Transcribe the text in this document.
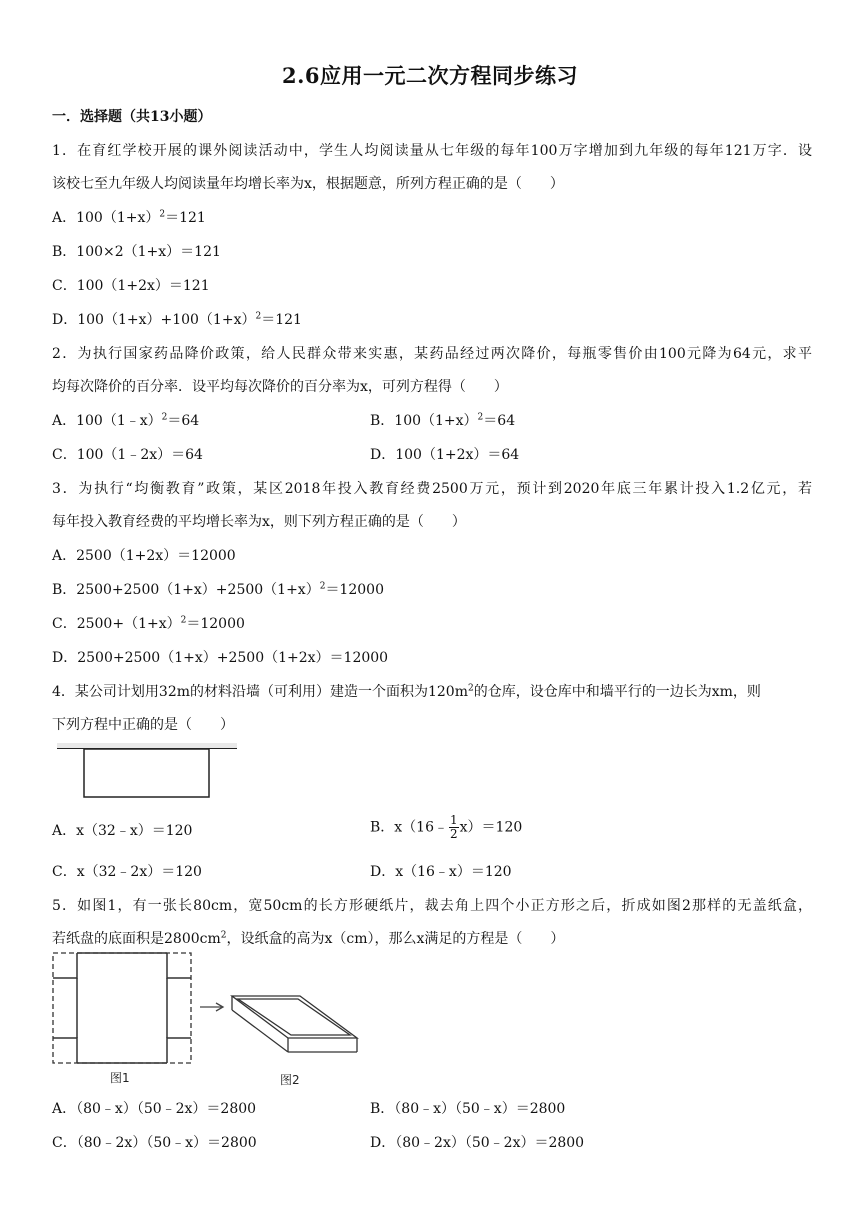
2.6应用一元二次方程同步练习
一．选择题（共13小题）
1．在育红学校开展的课外阅读活动中，学生人均阅读量从七年级的每年100万字增加到九年级的每年121万字．设
该校七至九年级人均阅读量年均增长率为x，根据题意，所列方程正确的是（　　）
A．$100(1+x)^2=121$
B．100×2（1+x）＝121
C．100（1+2x）＝121
D．$100(1+x)+100(1+x)^2=121$
2．为执行国家药品降价政策，给人民群众带来实惠，某药品经过两次降价，每瓶零售价由100元降为64元，求平
均每次降价的百分率．设平均每次降价的百分率为x，可列方程得（　　）
A．100（1﹣x）$^2$＝64	B．$100(1+x)^2=64$
C．100（1﹣2x）＝64	D．100（1+2x）＝64
3．为执行“均衡教育”政策，某区2018年投入教育经费2500万元，预计到2020年底三年累计投入1.2亿元，若
每年投入教育经费的平均增长率为x，则下列方程正确的是（　　）
A．2500（1+2x）＝12000
B．$2500+2500(1+x)+2500(1+x)^2=12000$
C．$2500+(1+x)^2=12000$
D．2500+2500（1+x）+2500（1+2x）＝12000
4．某公司计划用32m的材料沿墙（可利用）建造一个面积为$120m^2$的仓库，设仓库中和墙平行的一边长为xm，则
下列方程中正确的是（　　）
A．x（32﹣x）＝120	B．x（16﹣ $\frac{1}{2} x)=120$
C．x（32﹣2x）＝120	D．x（16﹣x）＝120
5．如图1，有一张长80cm，宽50cm的长方形硬纸片，裁去角上四个小正方形之后，折成如图2那样的无盖纸盒，
若纸盘的底面积是$2800cm^2$，设纸盒的高为x（cm），那么x满足的方程是（　　）
图1	图2
A．（80﹣x）（50﹣2x）＝2800	B．（80﹣x）（50﹣x）＝2800
C．（80﹣2x）（50﹣x）＝2800	D．（80﹣2x）（50﹣2x）＝2800
